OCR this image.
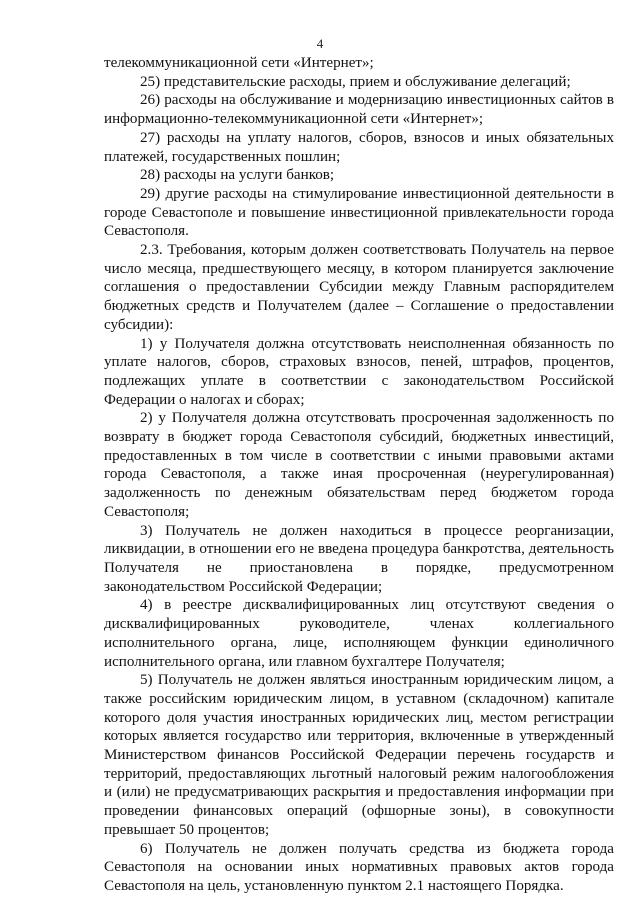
4

телекоммуникационной сети «Интернет»;

25) представительские расходы, прием и обслуживание делегаций;

26) расходы на обслуживание и модернизацию инвестиционных сайтов в информационно-телекоммуникационной сети «Интернет»;

27) расходы на уплату налогов, сборов, взносов и иных обязательных платежей, государственных пошлин;

28) расходы на услуги банков;

29) другие расходы на стимулирование инвестиционной деятельности в городе Севастополе и повышение инвестиционной привлекательности города Севастополя.

2.3. Требования, которым должен соответствовать Получатель на первое число месяца, предшествующего месяцу, в котором планируется заключение соглашения о предоставлении Субсидии между Главным распорядителем бюджетных средств и Получателем (далее – Соглашение о предоставлении субсидии):

1) у Получателя должна отсутствовать неисполненная обязанность по уплате налогов, сборов, страховых взносов, пеней, штрафов, процентов, подлежащих уплате в соответствии с законодательством Российской Федерации о налогах и сборах;

2) у Получателя должна отсутствовать просроченная задолженность по возврату в бюджет города Севастополя субсидий, бюджетных инвестиций, предоставленных в том числе в соответствии с иными правовыми актами города Севастополя, а также иная просроченная (неурегулированная) задолженность по денежным обязательствам перед бюджетом города Севастополя;

3) Получатель не должен находиться в процессе реорганизации, ликвидации, в отношении его не введена процедура банкротства, деятельность Получателя не приостановлена в порядке, предусмотренном законодательством Российской Федерации;

4) в реестре дисквалифицированных лиц отсутствуют сведения о дисквалифицированных руководителе, членах коллегиального исполнительного органа, лице, исполняющем функции единоличного исполнительного органа, или главном бухгалтере Получателя;

5) Получатель не должен являться иностранным юридическим лицом, а также российским юридическим лицом, в уставном (складочном) капитале которого доля участия иностранных юридических лиц, местом регистрации которых является государство или территория, включенные в утвержденный Министерством финансов Российской Федерации перечень государств и территорий, предоставляющих льготный налоговый режим налогообложения и (или) не предусматривающих раскрытия и предоставления информации при проведении финансовых операций (офшорные зоны), в совокупности превышает 50 процентов;

6) Получатель не должен получать средства из бюджета города Севастополя на основании иных нормативных правовых актов города Севастополя на цель, установленную пунктом 2.1 настоящего Порядка.
